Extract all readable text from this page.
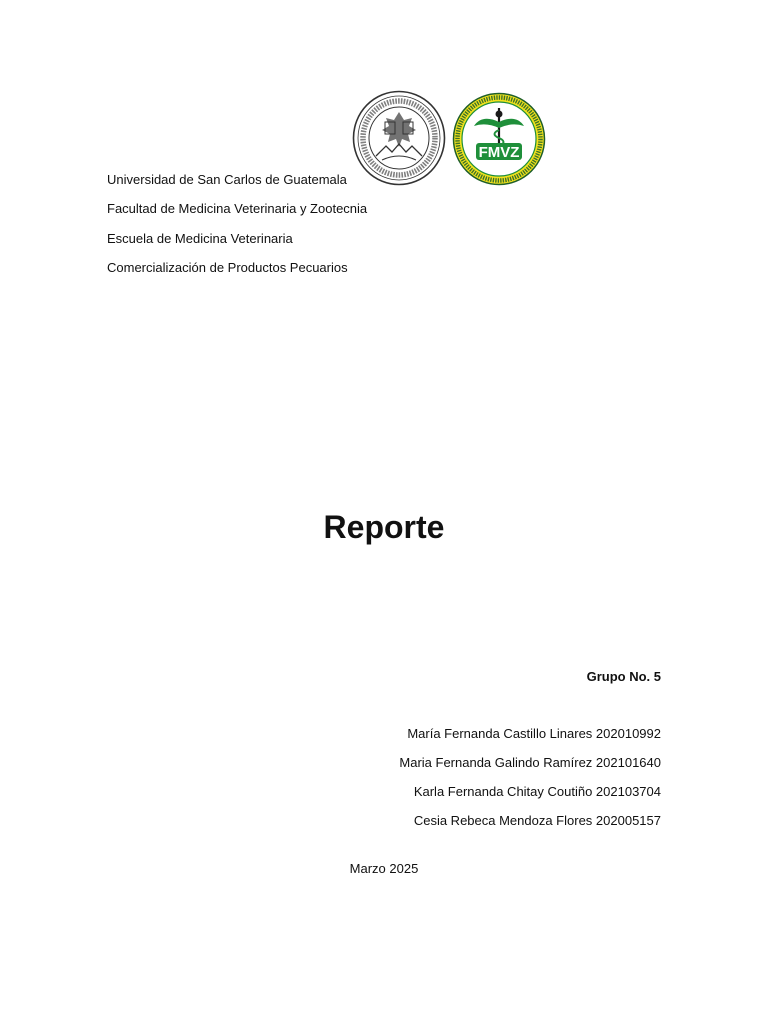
FMVZ

Universidad de San Carlos de Guatemala

Facultad de Medicina Veterinaria y Zootecnia

Escuela de Medicina Veterinaria

Comercialización de Productos Pecuarios

Reporte
Grupo No. 5
María Fernanda Castillo Linares 202010992
Maria Fernanda Galindo Ramírez 202101640
Karla Fernanda Chitay Coutiño 202103704
Cesia Rebeca Mendoza Flores 202005157
Marzo 2025
